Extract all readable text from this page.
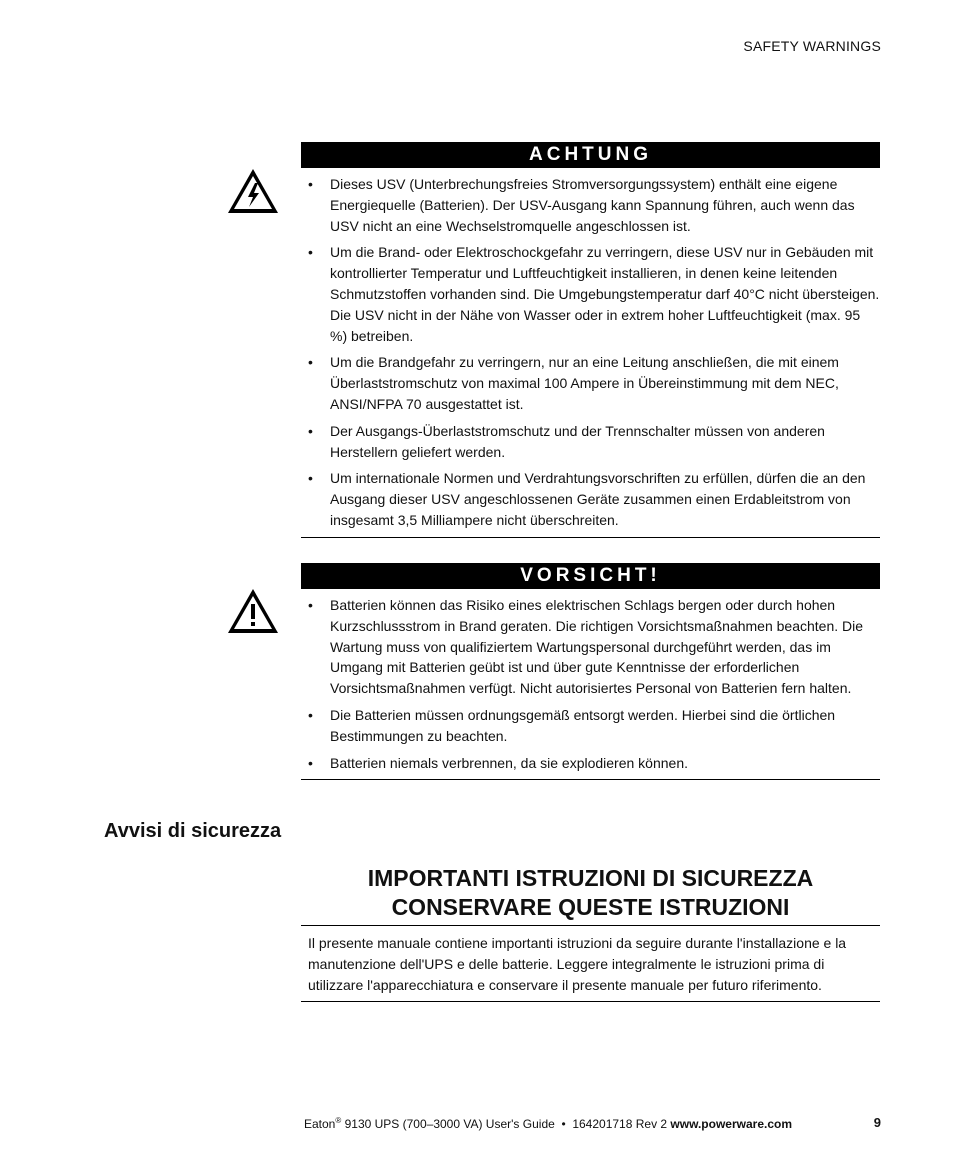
SAFETY WARNINGS
ACHTUNG
• Dieses USV (Unterbrechungsfreies Stromversorgungssystem) enthält eine eigene Energiequelle (Batterien). Der USV-Ausgang kann Spannung führen, auch wenn das USV nicht an eine Wechselstromquelle angeschlossen ist.
• Um die Brand- oder Elektroschockgefahr zu verringern, diese USV nur in Gebäuden mit kontrollierter Temperatur und Luftfeuchtigkeit installieren, in denen keine leitenden Schmutzstoffen vorhanden sind. Die Umgebungstemperatur darf 40°C nicht übersteigen. Die USV nicht in der Nähe von Wasser oder in extrem hoher Luftfeuchtigkeit (max. 95 %) betreiben.
• Um die Brandgefahr zu verringern, nur an eine Leitung anschließen, die mit einem Überlaststromschutz von maximal 100 Ampere in Übereinstimmung mit dem NEC, ANSI/NFPA 70 ausgestattet ist.
• Der Ausgangs-Überlaststromschutz und der Trennschalter müssen von anderen Herstellern geliefert werden.
• Um internationale Normen und Verdrahtungsvorschriften zu erfüllen, dürfen die an den Ausgang dieser USV angeschlossenen Geräte zusammen einen Erdableitstrom von insgesamt 3,5 Milliampere nicht überschreiten.
VORSICHT!
• Batterien können das Risiko eines elektrischen Schlags bergen oder durch hohen Kurzschlussstrom in Brand geraten. Die richtigen Vorsichtsmaßnahmen beachten. Die Wartung muss von qualifiziertem Wartungspersonal durchgeführt werden, das im Umgang mit Batterien geübt ist und über gute Kenntnisse der erforderlichen Vorsichtsmaßnahmen verfügt. Nicht autorisiertes Personal von Batterien fern halten.
• Die Batterien müssen ordnungsgemäß entsorgt werden. Hierbei sind die örtlichen Bestimmungen zu beachten.
• Batterien niemals verbrennen, da sie explodieren können.
Avvisi di sicurezza
IMPORTANTI ISTRUZIONI DI SICUREZZA
CONSERVARE QUESTE ISTRUZIONI
Il presente manuale contiene importanti istruzioni da seguire durante l'installazione e la manutenzione dell'UPS e delle batterie. Leggere integralmente le istruzioni prima di utilizzare l'apparecchiatura e conservare il presente manuale per futuro riferimento.
Eaton® 9130 UPS (700–3000 VA) User's Guide  •  164201718 Rev 2 www.powerware.com	9
